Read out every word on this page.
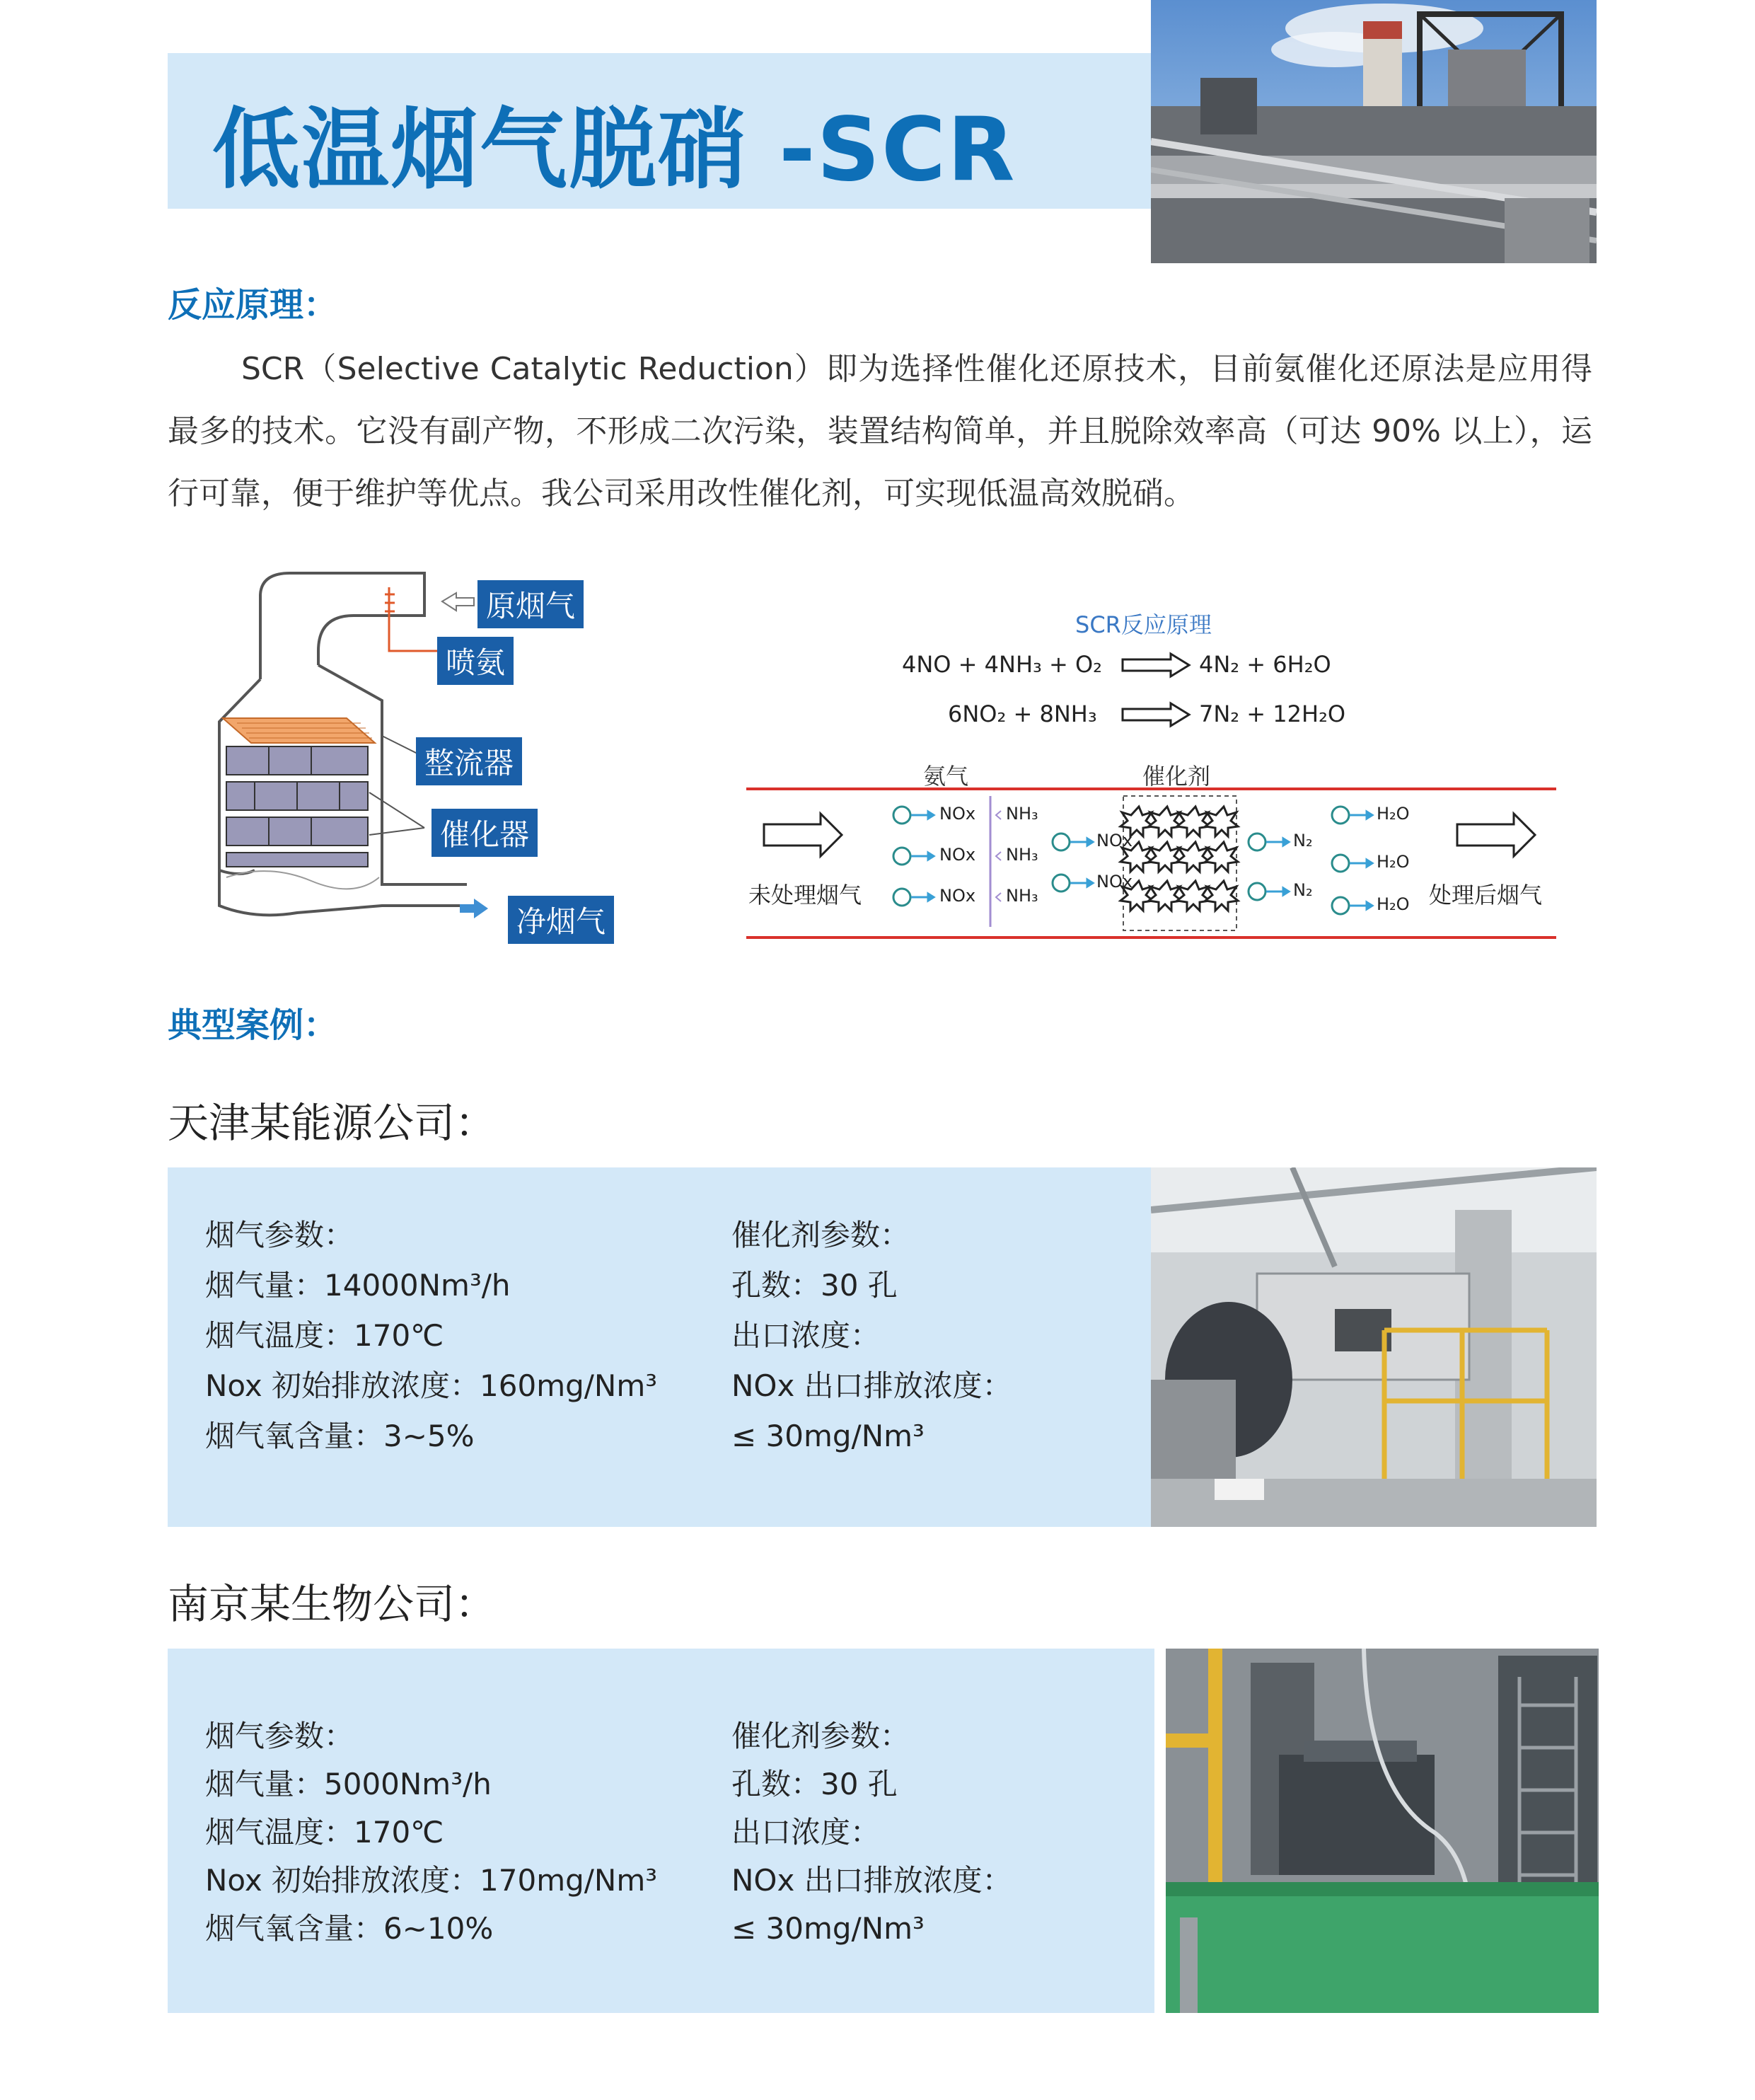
低温烟气脱硝 -SCR
反应原理：
SCR（Selective Catalytic Reduction）即为选择性催化还原技术，目前氨催化还原法是应用得最多的技术。它没有副产物，不形成二次污染，装置结构简单，并且脱除效率高（可达 90% 以上），运行可靠，便于维护等优点。我公司采用改性催化剂，可实现低温高效脱硝。
原烟气
喷氨
整流器
催化器
净烟气
SCR反应原理
4NO + 4NH₃ + O₂	4N₂ + 6H₂O
6NO₂ + 8NH₃	7N₂ + 12H₂O
氨气	催化剂
未处理烟气	处理后烟气
NOx
NOx
NOx
NH₃
NH₃
NH₃
NOx
NOx
N₂
N₂
H₂O
H₂O
H₂O
典型案例：
天津某能源公司：
烟气参数：
烟气量：14000Nm³/h
烟气温度：170℃
Nox 初始排放浓度：160mg/Nm³
烟气氧含量：3~5%
催化剂参数：
孔数：30 孔
出口浓度：
NOx 出口排放浓度：
≤ 30mg/Nm³
南京某生物公司：
烟气参数：
烟气量：5000Nm³/h
烟气温度：170℃
Nox 初始排放浓度：170mg/Nm³
烟气氧含量：6~10%
催化剂参数：
孔数：30 孔
出口浓度：
NOx 出口排放浓度：
≤ 30mg/Nm³
